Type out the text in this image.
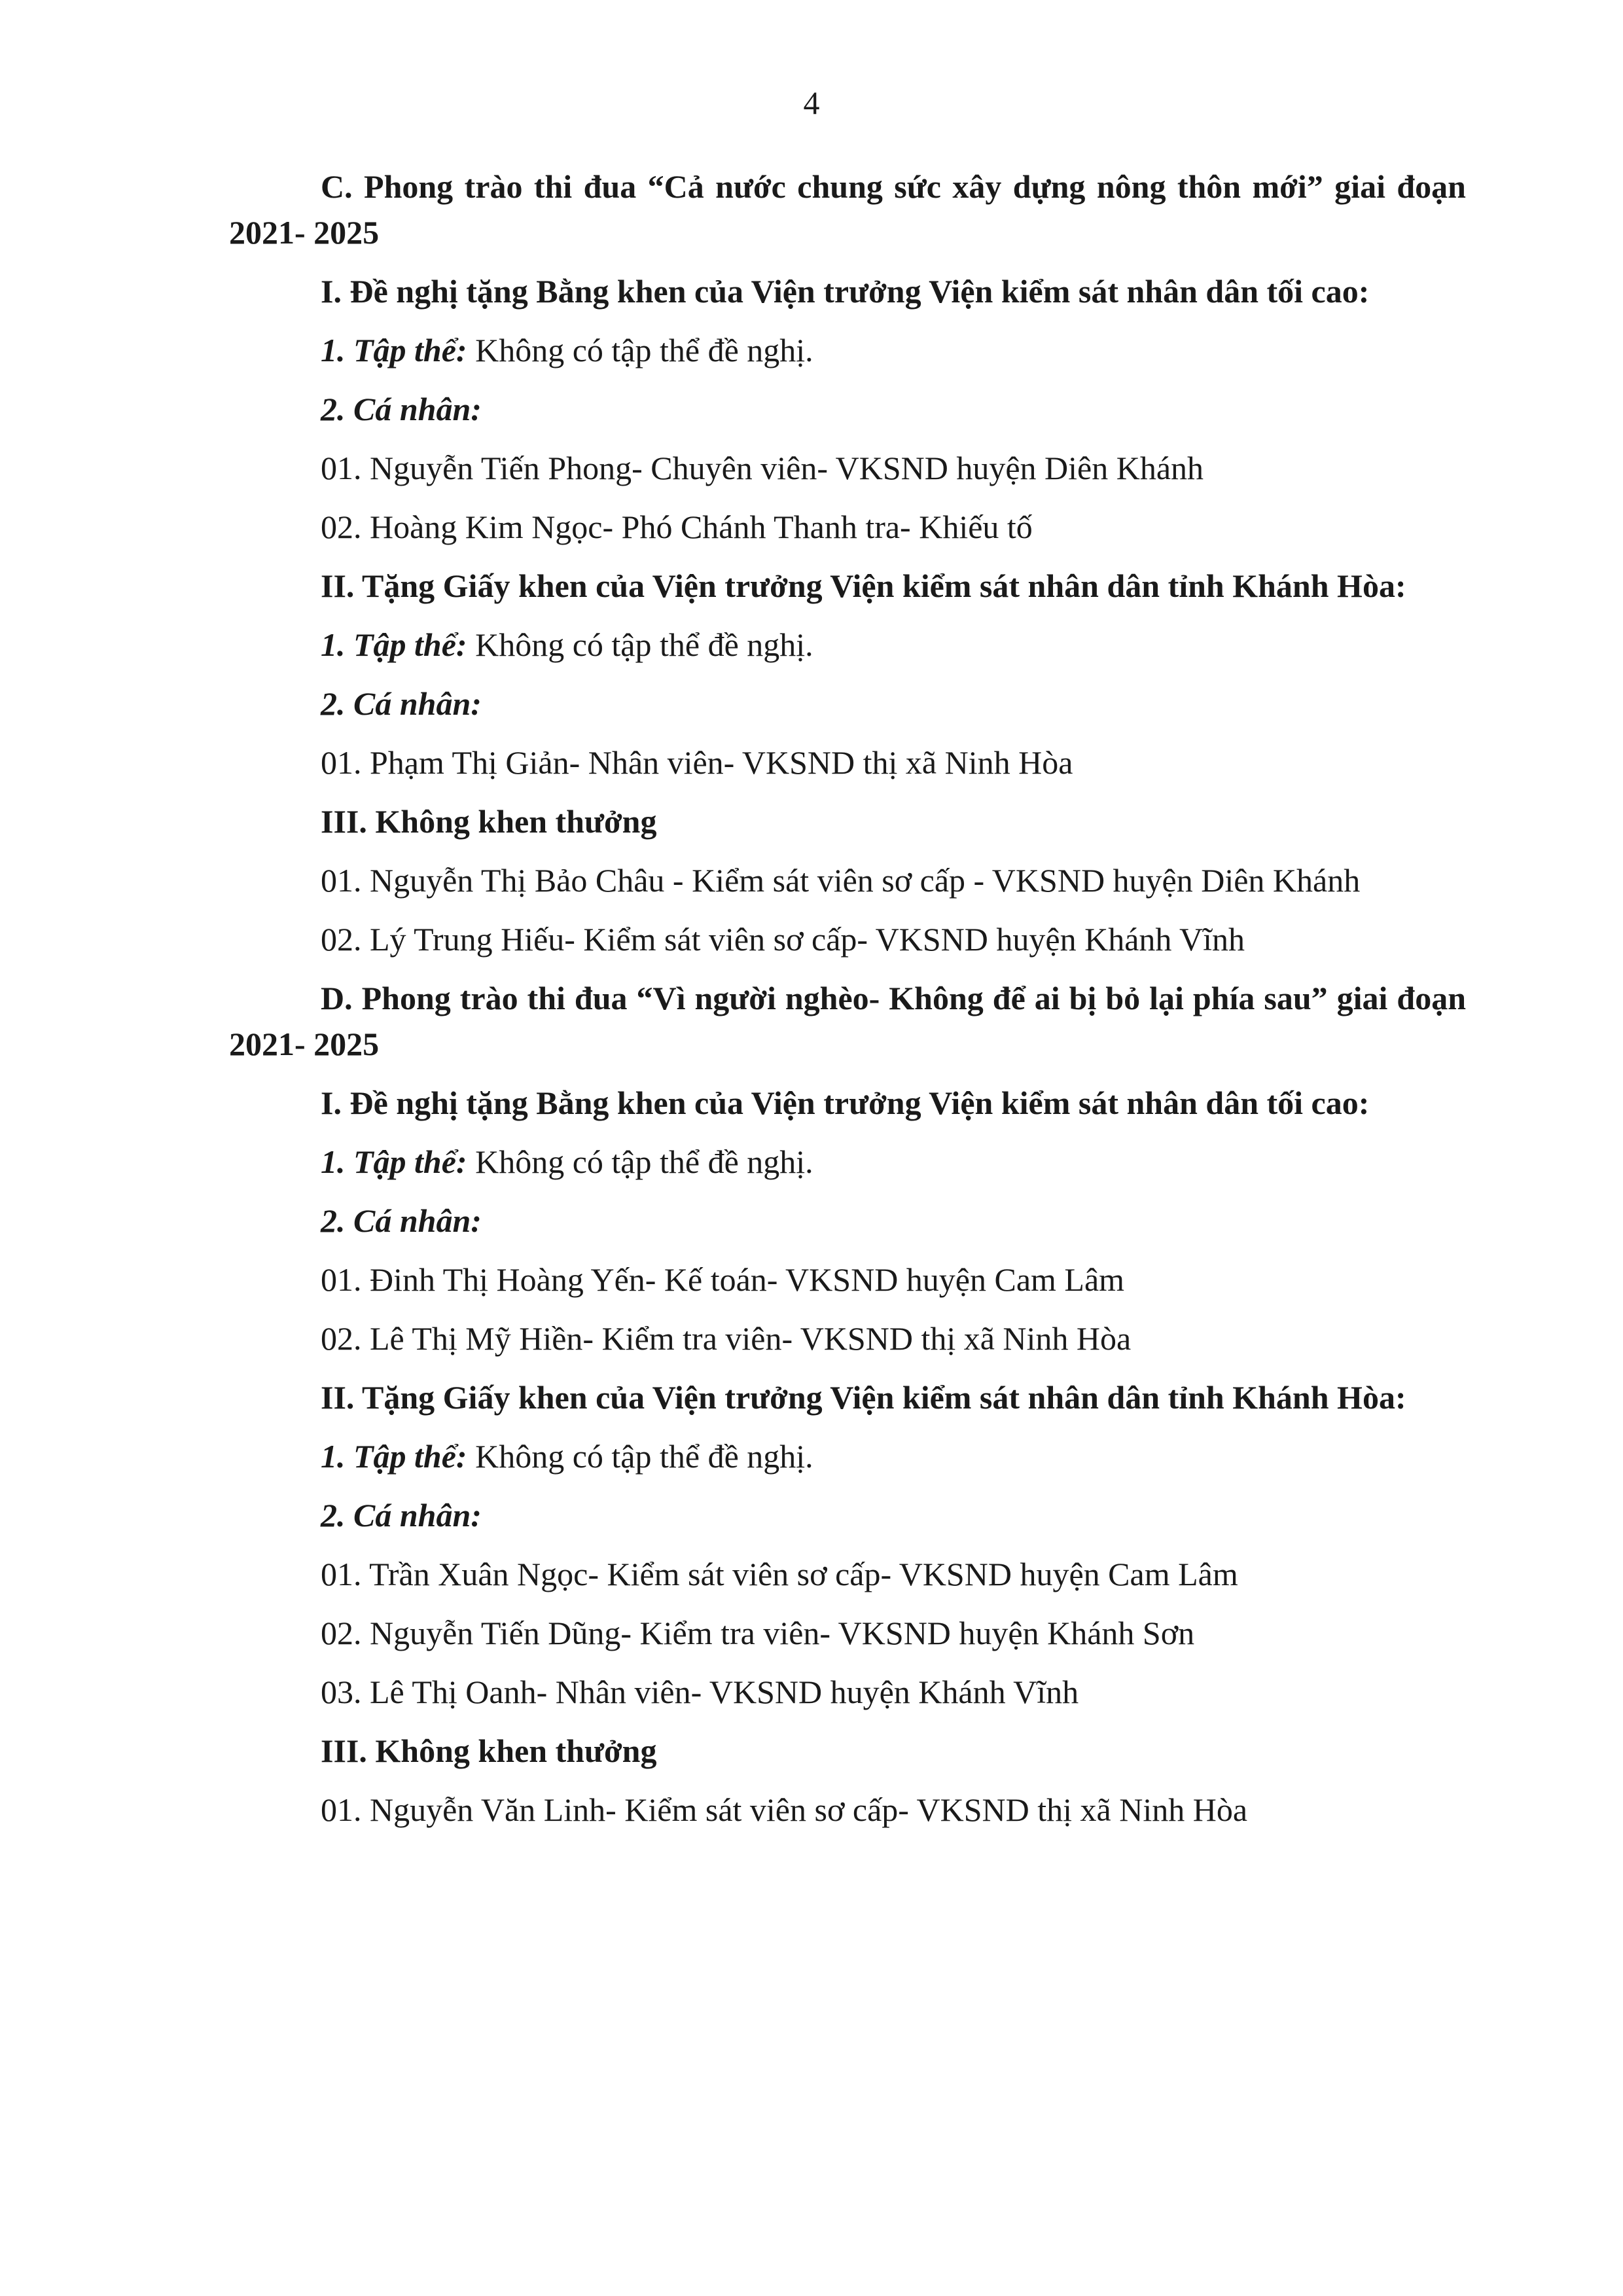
4
C. Phong trào thi đua “Cả nước chung sức xây dựng nông thôn mới” giai đoạn 2021- 2025
I. Đề nghị tặng Bằng khen của Viện trưởng Viện kiểm sát nhân dân tối cao:
1. Tập thể: Không có tập thể đề nghị.
2. Cá nhân:
01. Nguyễn Tiến Phong- Chuyên viên- VKSND huyện Diên Khánh
02. Hoàng Kim Ngọc- Phó Chánh Thanh tra- Khiếu tố
II. Tặng Giấy khen của Viện trưởng Viện kiểm sát nhân dân tỉnh Khánh Hòa:
1. Tập thể: Không có tập thể đề nghị.
2. Cá nhân:
01. Phạm Thị Giản- Nhân viên- VKSND thị xã Ninh Hòa
III. Không khen thưởng
01. Nguyễn Thị Bảo Châu - Kiểm sát viên sơ cấp - VKSND huyện Diên Khánh
02. Lý Trung Hiếu- Kiểm sát viên sơ cấp- VKSND huyện Khánh Vĩnh
D. Phong trào thi đua “Vì người nghèo- Không để ai bị bỏ lại phía sau” giai đoạn 2021- 2025
I. Đề nghị tặng Bằng khen của Viện trưởng Viện kiểm sát nhân dân tối cao:
1. Tập thể: Không có tập thể đề nghị.
2. Cá nhân:
01. Đinh Thị Hoàng Yến- Kế toán- VKSND huyện Cam Lâm
02. Lê Thị Mỹ Hiền- Kiểm tra viên- VKSND thị xã Ninh Hòa
II. Tặng Giấy khen của Viện trưởng Viện kiểm sát nhân dân tỉnh Khánh Hòa:
1. Tập thể: Không có tập thể đề nghị.
2. Cá nhân:
01. Trần Xuân Ngọc- Kiểm sát viên sơ cấp- VKSND huyện Cam Lâm
02. Nguyễn Tiến Dũng- Kiểm tra viên- VKSND huyện Khánh Sơn
03. Lê Thị Oanh- Nhân viên- VKSND huyện Khánh Vĩnh
III. Không khen thưởng
01. Nguyễn Văn Linh- Kiểm sát viên sơ cấp- VKSND thị xã Ninh Hòa
